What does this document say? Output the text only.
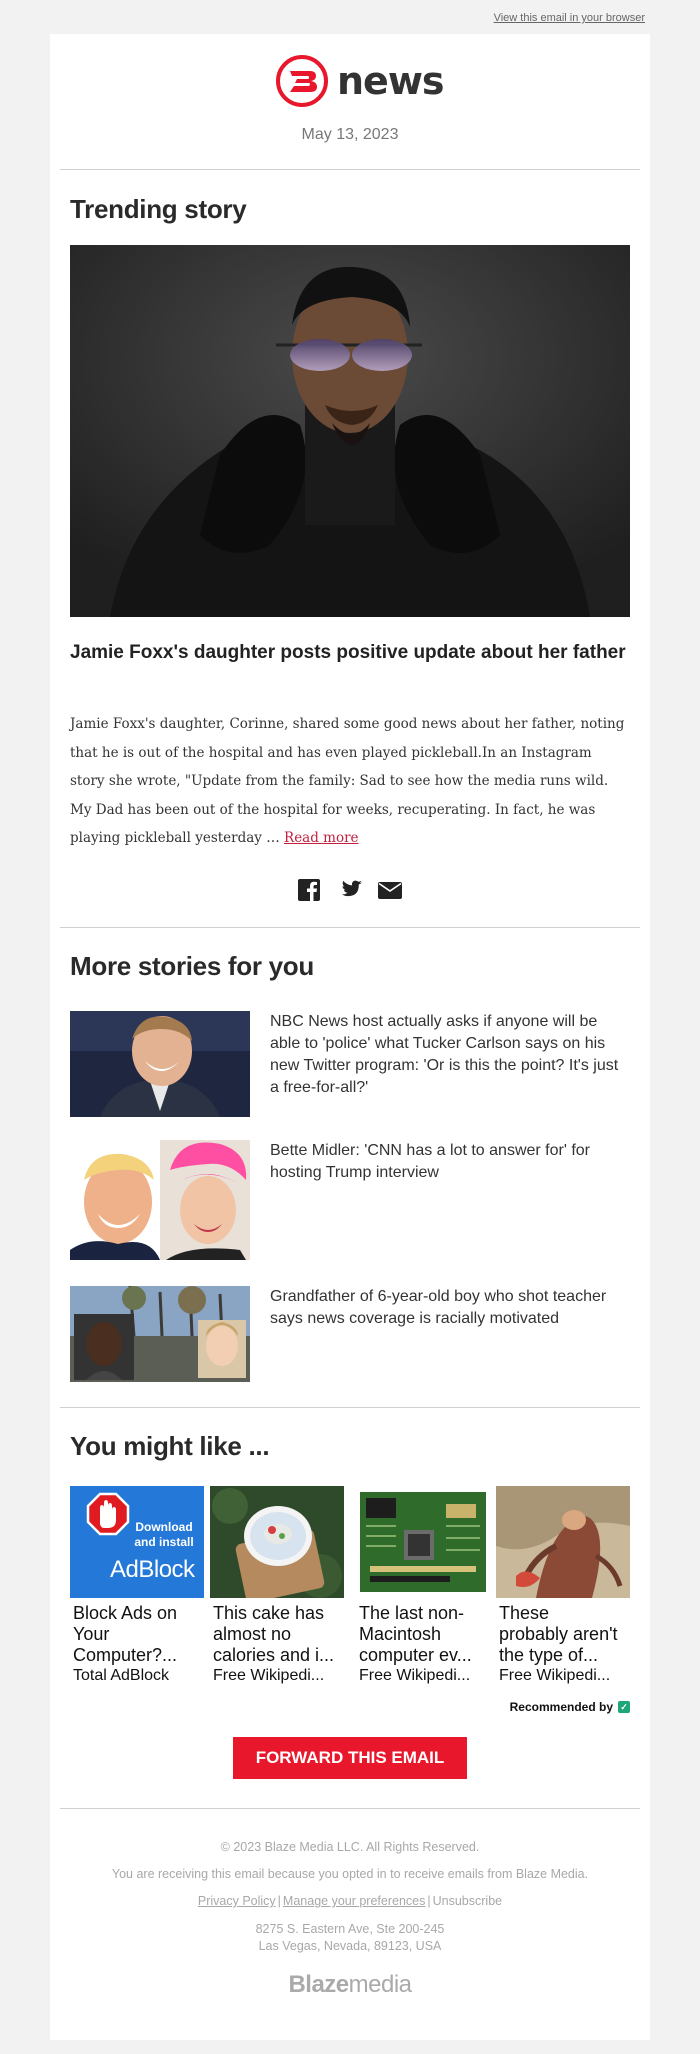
View this email in your browser
news
May 13, 2023
Trending story
Jamie Foxx's daughter posts positive update about her father
Jamie Foxx's daughter, Corinne, shared some good news about her father, noting that he is out of the hospital and has even played pickleball.In an Instagram story she wrote, "Update from the family: Sad to see how the media runs wild. My Dad has been out of the hospital for weeks, recuperating. In fact, he was playing pickleball yesterday … Read more
More stories for you
NBC News host actually asks if anyone will be able to 'police' what Tucker Carlson says on his new Twitter program: 'Or is this the point? It's just a free-for-all?'
Bette Midler: 'CNN has a lot to answer for' for hosting Trump interview
Grandfather of 6-year-old boy who shot teacher says news coverage is racially motivated
You might like ...
Download
and install
AdBlock
Block Ads on
Your
Computer?...
Total AdBlock
This cake has
almost no
calories and i...
Free Wikipedi...
The last non-
Macintosh
computer ev...
Free Wikipedi...
These
probably aren't
the type of...
Free Wikipedi...
Recommended by ✓
FORWARD THIS EMAIL
© 2023 Blaze Media LLC. All Rights Reserved.
You are receiving this email because you opted in to receive emails from Blaze Media.
Privacy Policy | Manage your preferences | Unsubscribe
8275 S. Eastern Ave, Ste 200-245
Las Vegas, Nevada, 89123, USA
Blazemedia
